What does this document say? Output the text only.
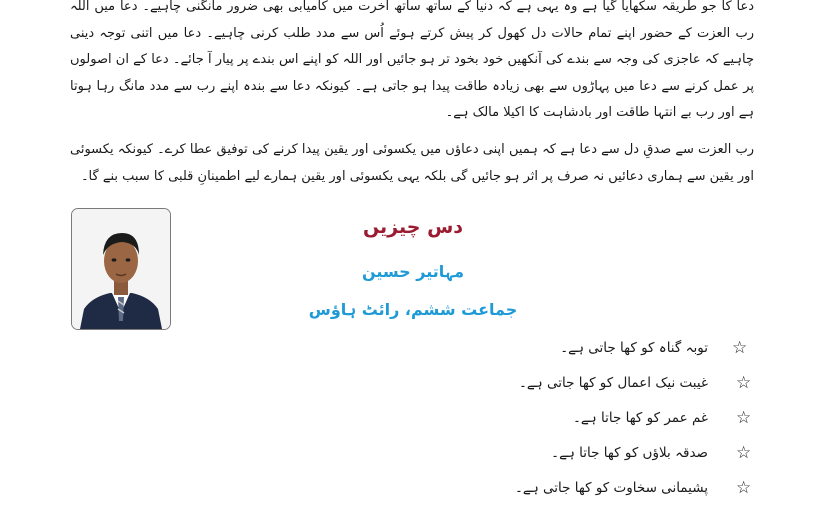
دعا کا جو طریقہ سکھایا گیا ہے وہ یہی ہے کہ دنیا کے ساتھ ساتھ آخرت میں کامیابی بھی ضرور مانگنی چاہیے۔ دعا میں اللہ رب العزت کے حضور اپنے تمام حالات دل کھول کر پیش کرتے ہوئے اُس سے مدد طلب کرنی چاہیے۔ دعا میں اتنی توجہ دینی چاہیے کہ عاجزی کی وجہ سے بندے کی آنکھیں خود بخود تر ہو جائیں اور اللہ کو اپنے اس بندے پر پیار آ جائے۔ دعا کے ان اصولوں پر عمل کرنے سے دعا میں پہاڑوں سے بھی زیادہ طاقت پیدا ہو جاتی ہے۔ کیونکہ دعا سے بندہ اپنے رب سے مدد مانگ رہا ہوتا ہے اور رب بے انتہا طاقت اور بادشاہت کا اکیلا مالک ہے۔

رب العزت سے صدقِ دل سے دعا ہے کہ ہمیں اپنی دعاؤں میں یکسوئی اور یقین پیدا کرنے کی توفیق عطا کرے۔ کیونکہ یکسوئی اور یقین سے ہماری دعائیں نہ صرف پر اثر ہو جائیں گی بلکہ یہی یکسوئی اور یقین ہمارے لیے اطمینانِ قلبی کا سبب بنے گا۔

دس چیزیں
مہاتیر حسین
جماعت ششم، رائٹ ہاؤس
☆
توبہ گناہ کو کھا جاتی ہے۔
☆
غیبت نیک اعمال کو کھا جاتی ہے۔
☆
غم عمر کو کھا جاتا ہے۔
☆
صدقہ بلاؤں کو کھا جاتا ہے۔
☆
پشیمانی سخاوت کو کھا جاتی ہے۔
